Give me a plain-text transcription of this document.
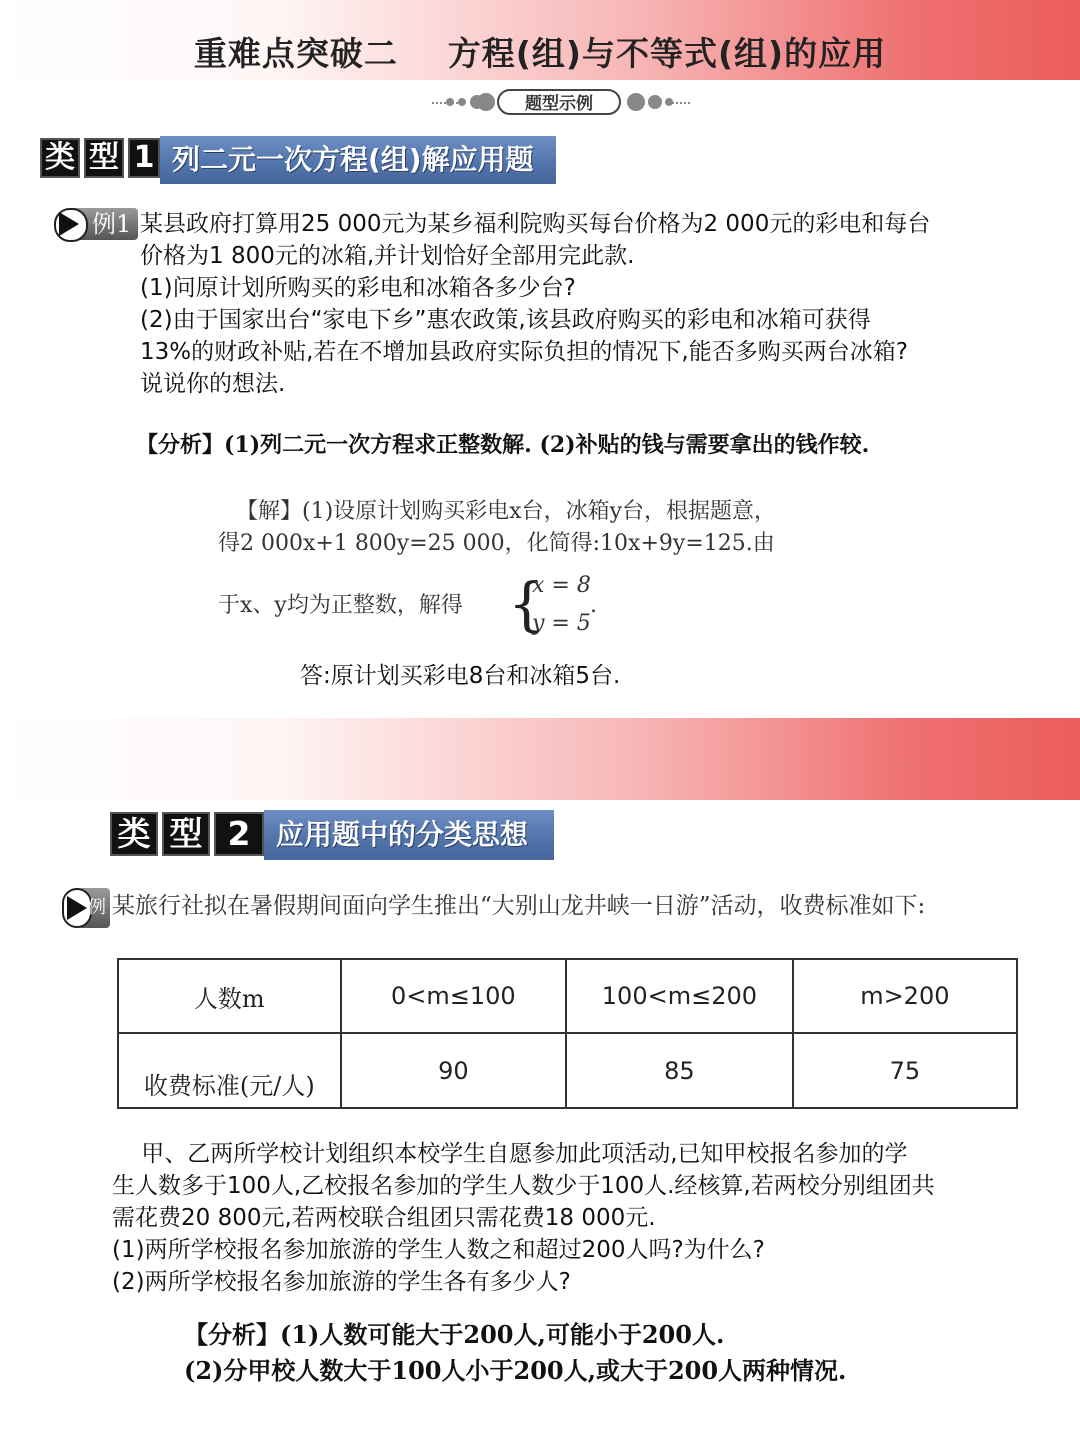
重难点突破二    方程(组)与不等式(组)的应用
题型示例
类 型 1 列二元一次方程(组)解应用题
例1 某县政府打算用25 000元为某乡福利院购买每台价格为2 000元的彩电和每台
价格为1 800元的冰箱,并计划恰好全部用完此款.
(1)问原计划所购买的彩电和冰箱各多少台?
(2)由于国家出台“家电下乡”惠农政策,该县政府购买的彩电和冰箱可获得
13%的财政补贴,若在不增加县政府实际负担的情况下,能否多购买两台冰箱?
说说你的想法.
【分析】(1)列二元一次方程求正整数解. (2)补贴的钱与需要拿出的钱作较.
【解】(1)设原计划购买彩电x台，冰箱y台，根据题意，
得2 000x+1 800y=25 000，化简得:10x+9y=125.由
于x、y均为正整数，解得 {
x = 8
y = 5
.
答:原计划买彩电8台和冰箱5台.
类 型 2 应用题中的分类思想
例2
某旅行社拟在暑假期间面向学生推出“大别山龙井峡一日游”活动，收费标准如下:
人数m	0<m≤100	100<m≤200	m>200
收费标准(元/人)	90	85	75
甲、乙两所学校计划组织本校学生自愿参加此项活动,已知甲校报名参加的学
生人数多于100人,乙校报名参加的学生人数少于100人.经核算,若两校分别组团共
需花费20 800元,若两校联合组团只需花费18 000元.
(1)两所学校报名参加旅游的学生人数之和超过200人吗?为什么?
(2)两所学校报名参加旅游的学生各有多少人?
【分析】(1)人数可能大于200人,可能小于200人.
(2)分甲校人数大于100人小于200人,或大于200人两种情况.
